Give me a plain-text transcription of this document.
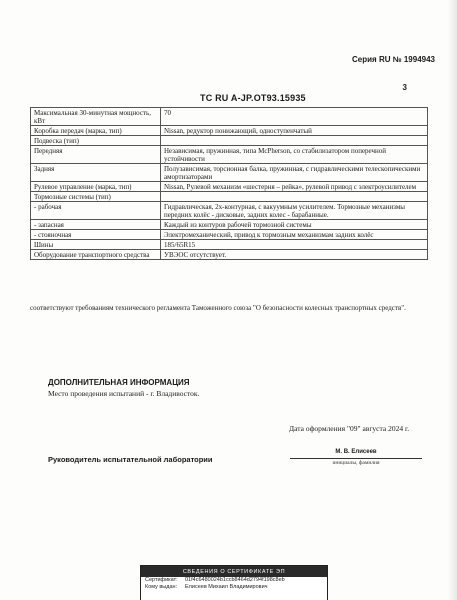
Серия RU № 1994943
3
ТС RU A-JP.OT93.15935
Максимальная 30-минутная мощность, кВт	70
Коробка передач (марка, тип)	Nissan, редуктор понижающий, одноступенчатый
Подвеска (тип)	
Передняя	Независимая, пружинная, типа McPherson, со стабилизатором поперечной устойчивости
Задняя	Полузависимая, торсионная балка, пружинная, с гидравлическими телескопическими амортизаторами
Рулевое управление (марка, тип)	Nissan, Рулевой механизм «шестерня – рейка», рулевой привод с электроусилителем
Тормозные системы (тип)	
- рабочая	Гидравлическая, 2х-контурная, с вакуумным усилителем. Тормозные механизмы передних колёс - дисковые, задних колес - барабанные.
- запасная	Каждый из контуров рабочей тормозной системы
- стояночная	Электромеханический, привод к тормозным механизмам задних колёс
Шины	185/65R15
Оборудование транспортного средства	УВЭОС отсутствует.
соответствуют требованиям технического регламента Таможенного союза "О безопасности колесных транспортных средств".
ДОПОЛНИТЕЛЬНАЯ ИНФОРМАЦИЯ
Место проведения испытаний - г. Владивосток.
Дата оформления "09" августа 2024 г.
Руководитель испытательной лаборатории
М. В. Елисеев
инициалы, фамилия
СВЕДЕНИЯ О СЕРТИФИКАТЕ ЭП
Сертификат:	01f4c6480024b1ccb8464d2794f198c8eb
Кому выдан:	Елисеев Михаил Владимирович
